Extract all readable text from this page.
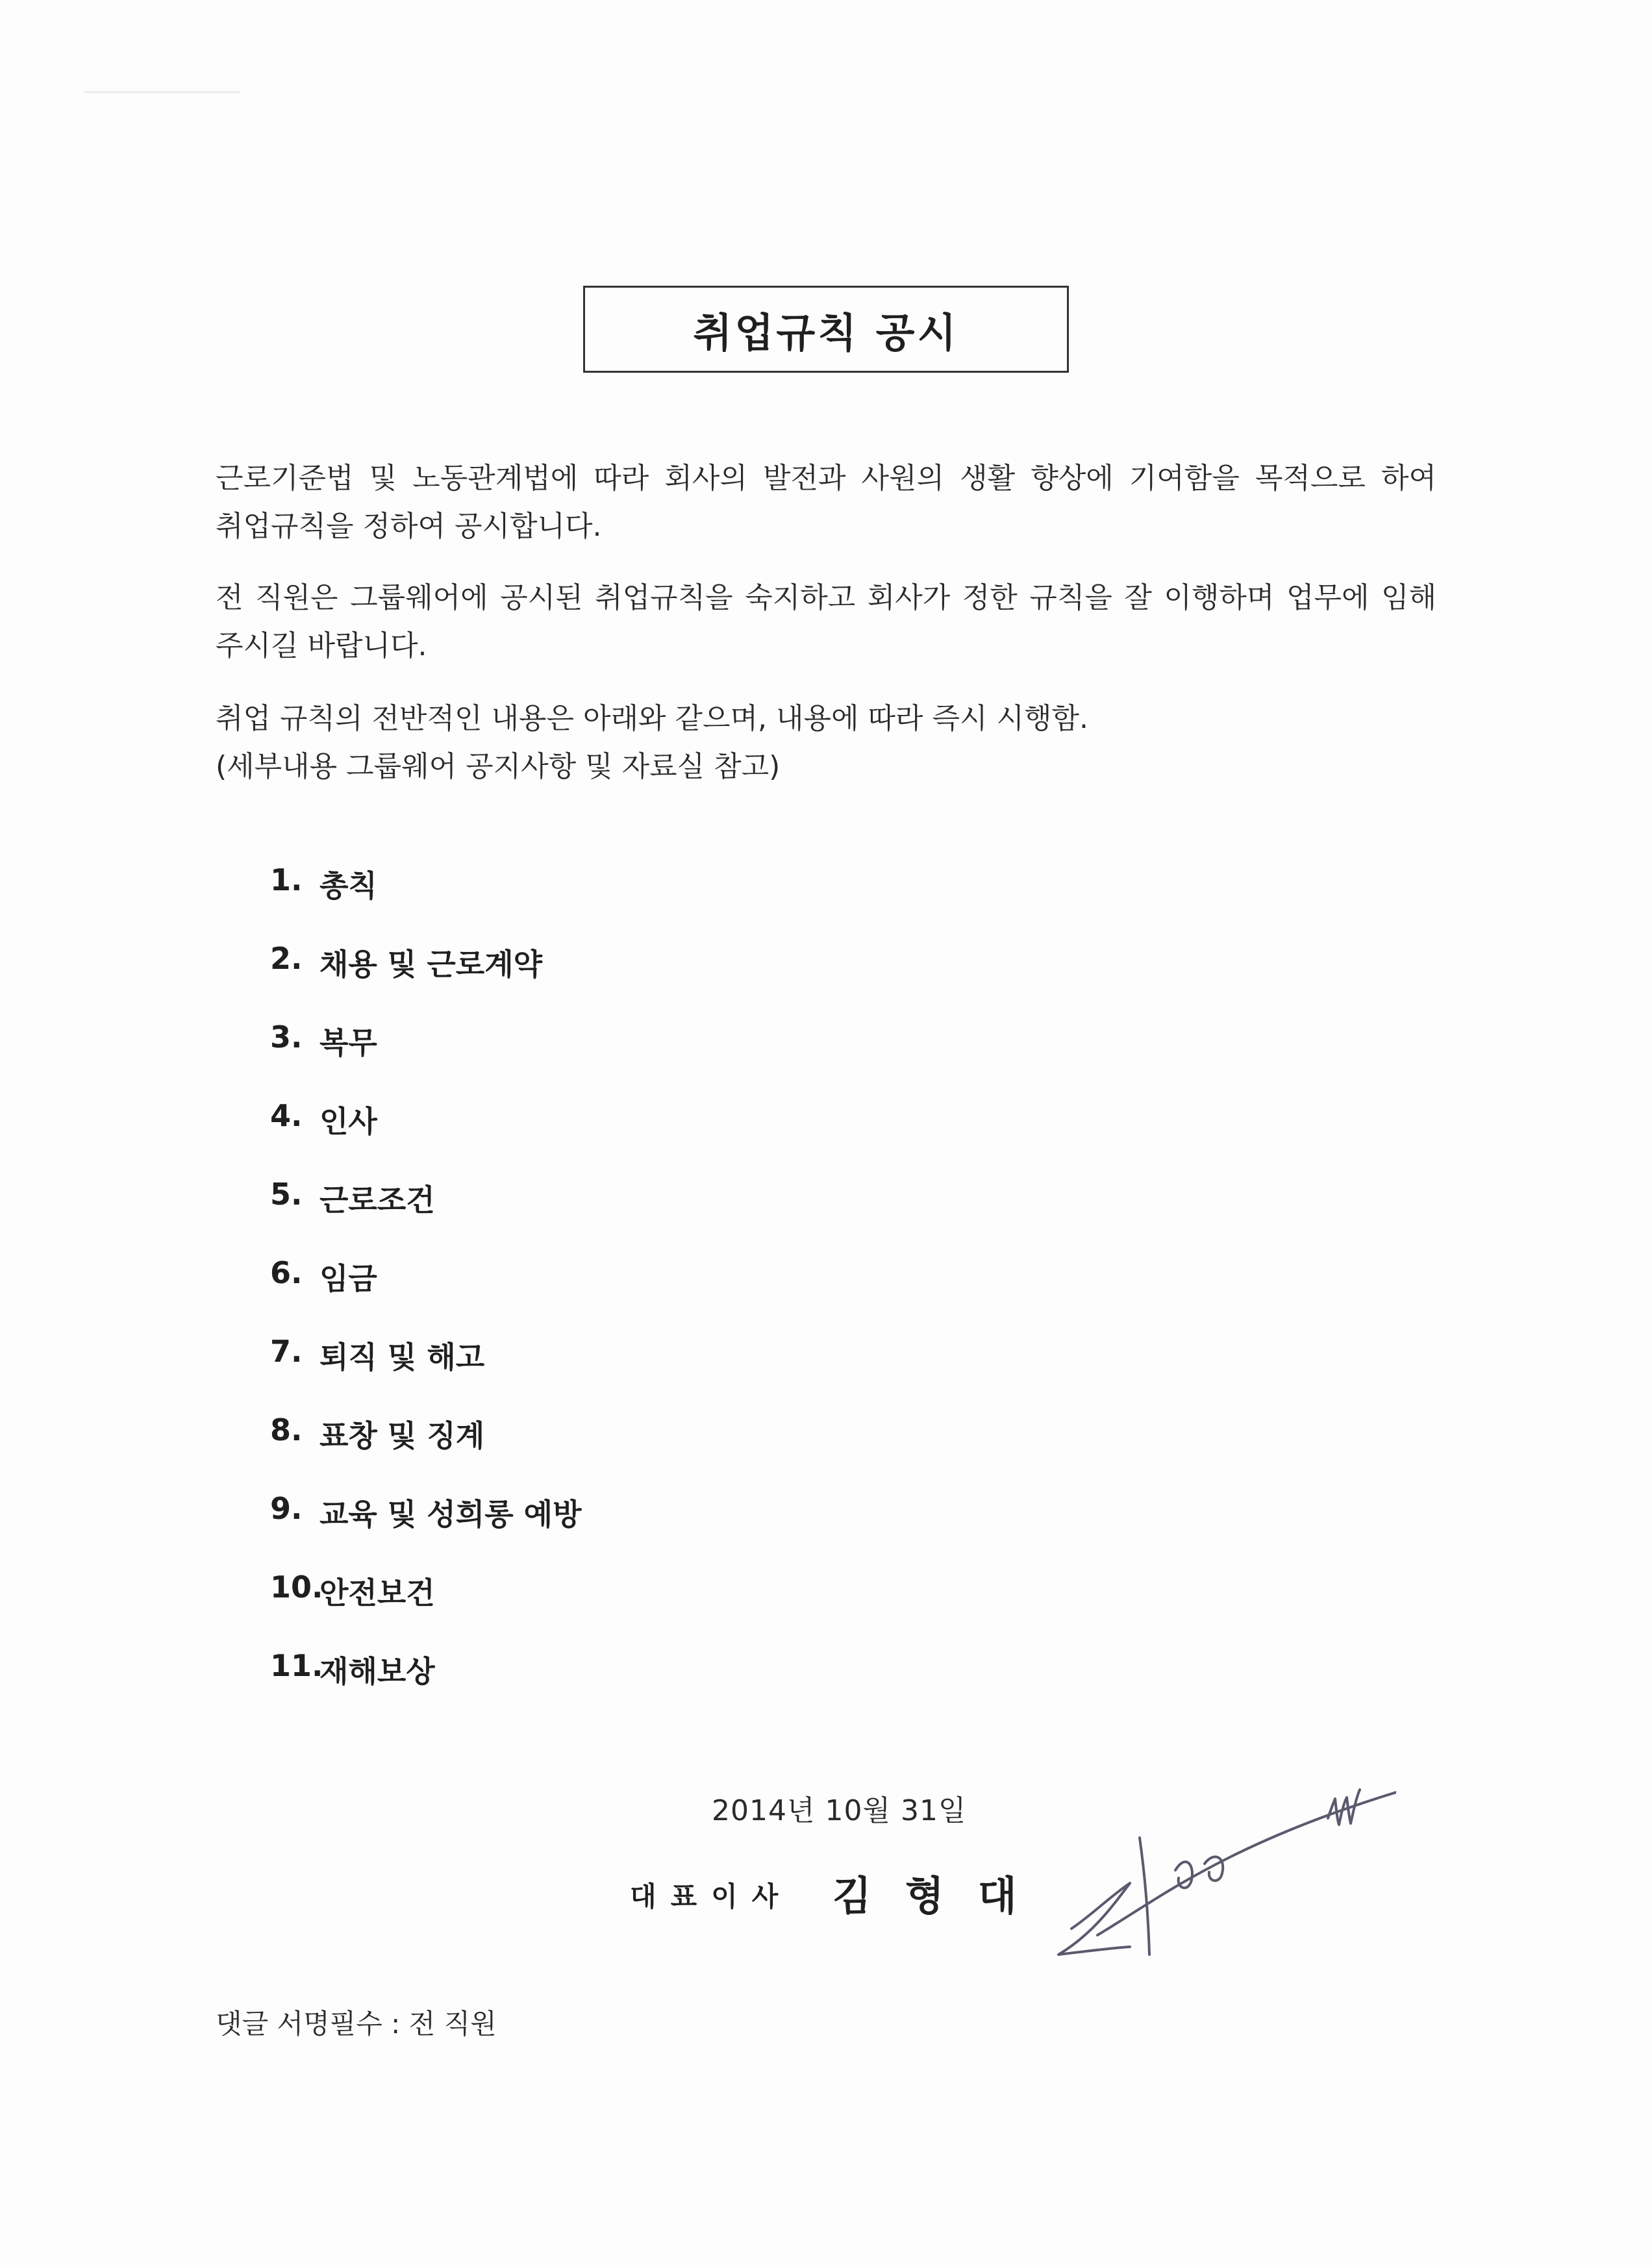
취업규칙 공시

근로기준법 및 노동관계법에 따라 회사의 발전과 사원의 생활 향상에 기여함을 목적으로 하여 취업규칙을 정하여 공시합니다.

전 직원은 그룹웨어에 공시된 취업규칙을 숙지하고 회사가 정한 규칙을 잘 이행하며 업무에 임해 주시길 바랍니다.

취업 규칙의 전반적인 내용은 아래와 같으며, 내용에 따라 즉시 시행함.
(세부내용 그룹웨어 공지사항 및 자료실 참고)

1. 총칙
2. 채용 및 근로계약
3. 복무
4. 인사
5. 근로조건
6. 임금
7. 퇴직 및 해고
8. 표창 및 징계
9. 교육 및 성희롱 예방
10.
안전보건
11.
재해보상
2014년 10월 31일
대표이사 김형대
댓글 서명필수 : 전 직원
